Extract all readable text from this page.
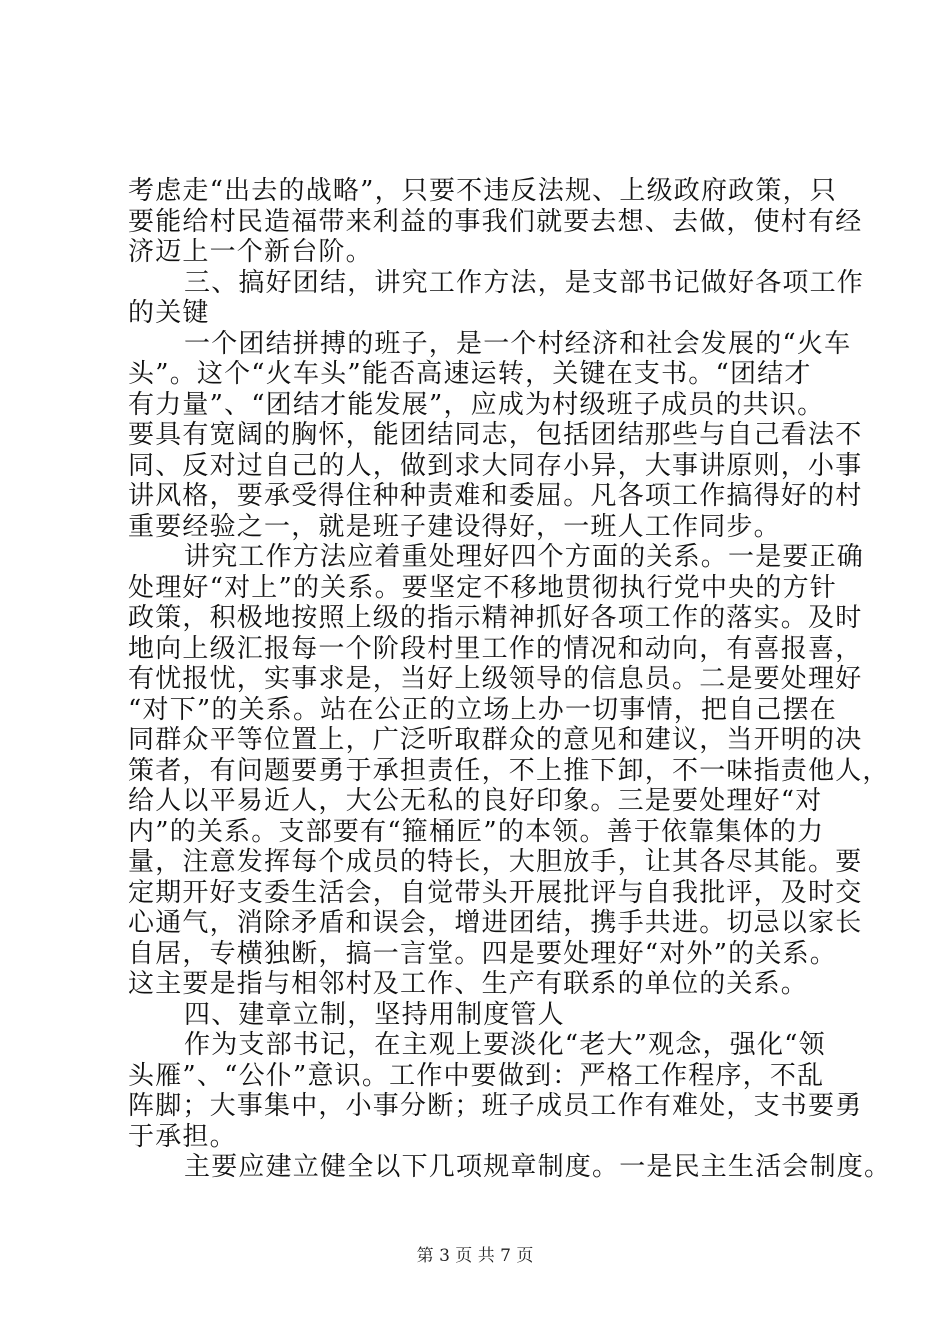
考虑走“出去的战略”，只要不违反法规、上级政府政策，只
要能给村民造福带来利益的事我们就要去想、去做，使村有经
济迈上一个新台阶。
三、搞好团结，讲究工作方法，是支部书记做好各项工作
的关键
一个团结拼搏的班子，是一个村经济和社会发展的“火车
头”。这个“火车头”能否高速运转，关键在支书。“团结才
有力量”、“团结才能发展”，应成为村级班子成员的共识。
要具有宽阔的胸怀，能团结同志，包括团结那些与自己看法不
同、反对过自己的人，做到求大同存小异，大事讲原则，小事
讲风格，要承受得住种种责难和委屈。凡各项工作搞得好的村
重要经验之一，就是班子建设得好，一班人工作同步。
讲究工作方法应着重处理好四个方面的关系。一是要正确
处理好“对上”的关系。要坚定不移地贯彻执行党中央的方针
政策，积极地按照上级的指示精神抓好各项工作的落实。及时
地向上级汇报每一个阶段村里工作的情况和动向，有喜报喜，
有忧报忧，实事求是，当好上级领导的信息员。二是要处理好
“对下”的关系。站在公正的立场上办一切事情，把自己摆在
同群众平等位置上，广泛听取群众的意见和建议，当开明的决
策者，有问题要勇于承担责任，不上推下卸，不一味指责他人，
给人以平易近人，大公无私的良好印象。三是要处理好“对
内”的关系。支部要有“箍桶匠”的本领。善于依靠集体的力
量，注意发挥每个成员的特长，大胆放手，让其各尽其能。要
定期开好支委生活会，自觉带头开展批评与自我批评，及时交
心通气，消除矛盾和误会，增进团结，携手共进。切忌以家长
自居，专横独断，搞一言堂。四是要处理好“对外”的关系。
这主要是指与相邻村及工作、生产有联系的单位的关系。
四、建章立制，坚持用制度管人
作为支部书记，在主观上要淡化“老大”观念，强化“领
头雁”、“公仆”意识。工作中要做到：严格工作程序，不乱
阵脚；大事集中，小事分断；班子成员工作有难处，支书要勇
于承担。
主要应建立健全以下几项规章制度。一是民主生活会制度。
第 3 页 共 7 页
